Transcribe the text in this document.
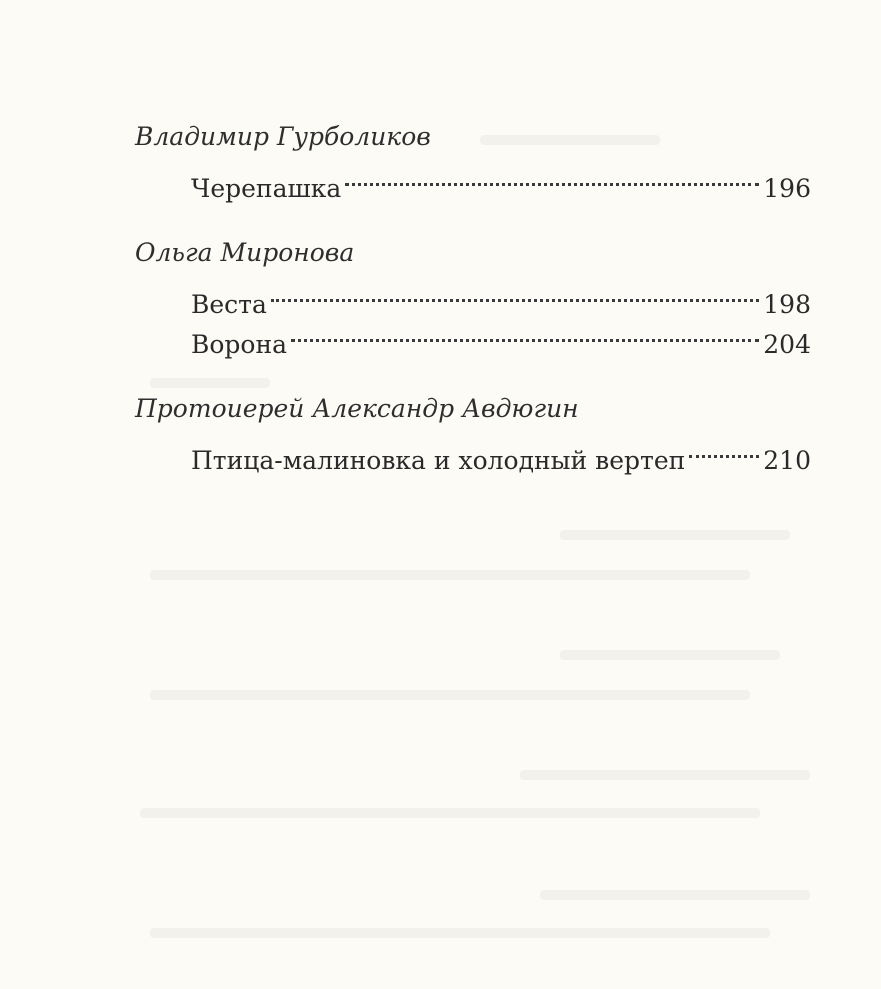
Владимир Гурболиков
Черепашка	196
Ольга Миронова
Веста	198
Ворона	204
Протоиерей Александр Авдюгин
Птица-малиновка и холодный вертеп	210
